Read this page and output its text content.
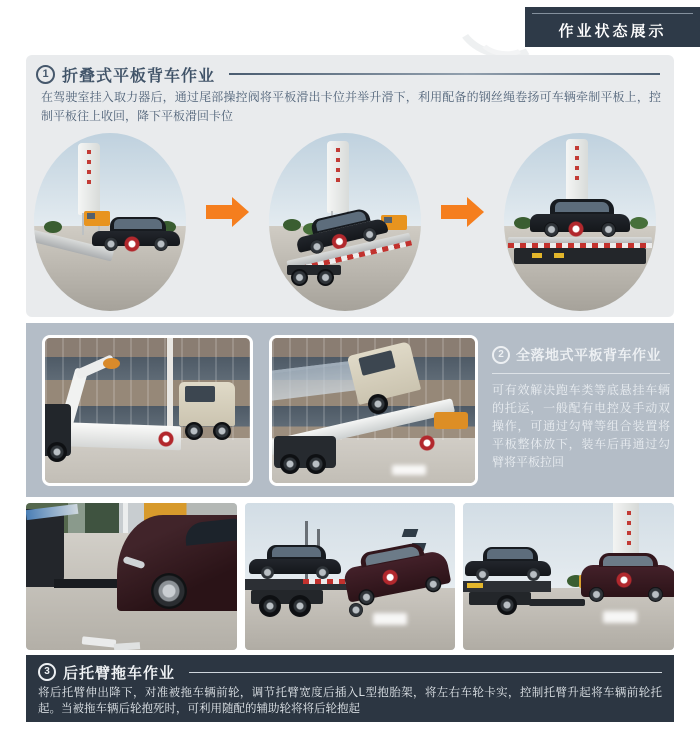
作业状态展示
1 折叠式平板背车作业
在驾驶室挂入取力器后，通过尾部操控阀将平板滑出卡位并举升滑下，利用配备的钢丝绳卷扬可车辆牵制平板上，控制平板往上收回，降下平板滑回卡位
2 全落地式平板背车作业
可有效解决跑车类等底悬挂车辆的托运，一般配有电控及手动双操作，可通过勾臂等组合装置将平板整体放下，装车后再通过勾臂将平板拉回
3 后托臂拖车作业
将后托臂伸出降下，对准被拖车辆前轮，调节托臂宽度后插入L型抱胎架，将左右车轮卡实，控制托臂升起将车辆前轮托起。当被拖车辆后轮抱死时，可利用随配的辅助轮将将后轮抱起
